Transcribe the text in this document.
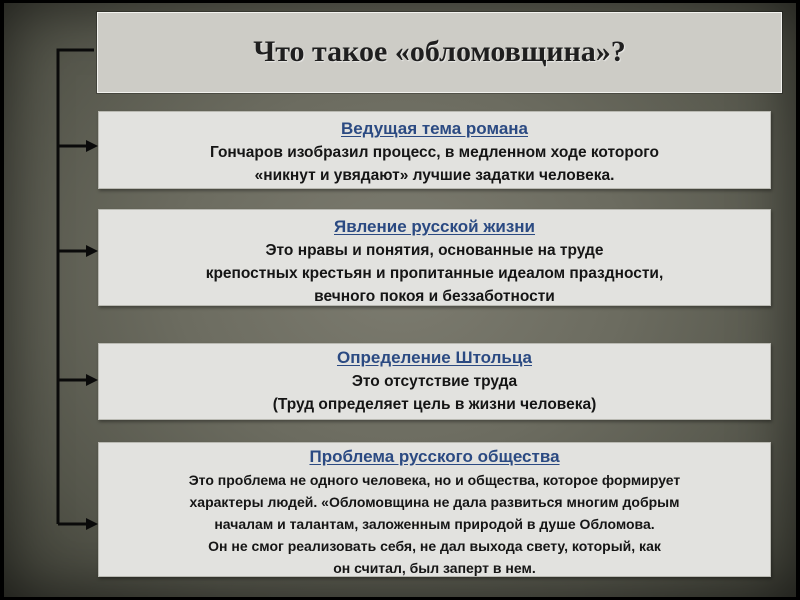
Что такое «обломовщина»?
Ведущая тема романа
Гончаров изобразил процесс, в медленном ходе которого
«никнут и увядают» лучшие задатки человека.
Явление русской жизни
Это нравы и понятия, основанные на труде
крепостных крестьян и пропитанные идеалом праздности,
вечного покоя и беззаботности
Определение Штольца
Это отсутствие труда
(Труд определяет цель в жизни человека)
Проблема русского общества
Это проблема не одного человека, но и общества, которое формирует
характеры людей. «Обломовщина не дала развиться многим добрым
началам и талантам, заложенным природой в душе Обломова.
Он не смог реализовать себя, не дал выхода свету, который, как
он считал, был заперт в нем.
